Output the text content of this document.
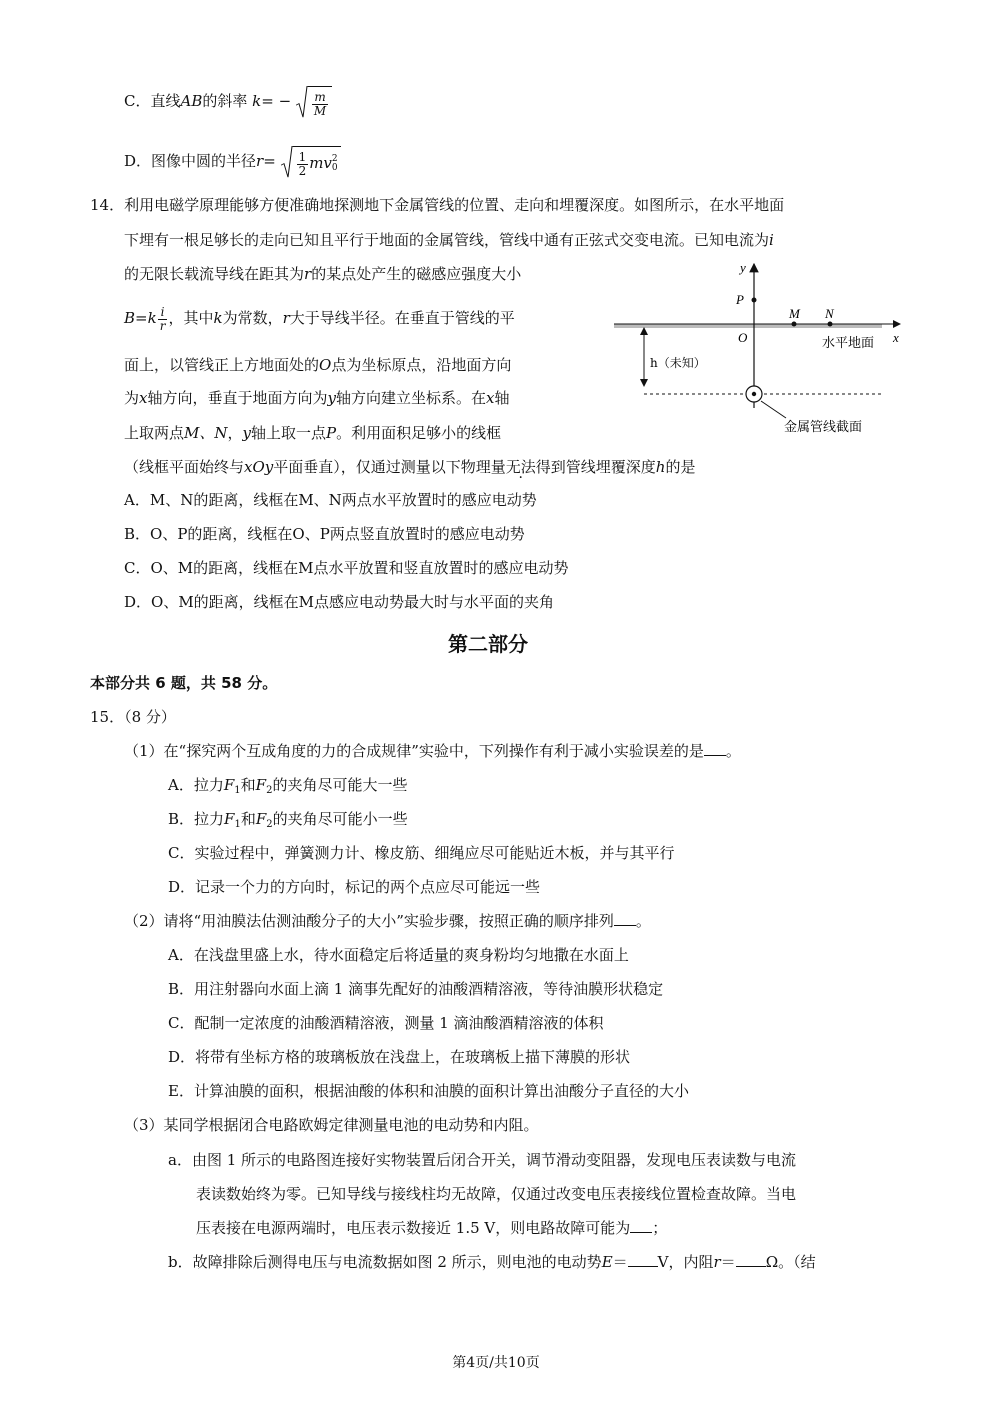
C．直线AB的斜率 $k= - \frac{m}{M}$
D．图像中圆的半径$r= \frac{1}{2}$ mv 2
0
14．利用电磁学原理能够方便准确地探测地下金属管线的位置、走向和埋覆深度。如图所示，在水平地面
下埋有一根足够长的走向已知且平行于地面的金属管线，管线中通有正弦式交变电流。已知电流为i
的无限长载流导线在距其为r的某点处产生的磁感应强度大小
$B=k \frac{i}{r}$ ，其中k为常数，r大于导线半径。在垂直于管线的平
面上，以管线正上方地面处的O点为坐标原点，沿地面方向
为x轴方向，垂直于地面方向为y轴方向建立坐标系。在x轴
上取两点M、N，y轴上取一点P。利用面积足够小的线框
（线框平面始终与xOy平面垂直），仅通过测量以下物理量无法得到管线埋覆深度h的是
A．M、N的距离，线框在M、N两点水平放置时的感应电动势
B．O、P的距离，线框在O、P两点竖直放置时的感应电动势
C．O、M的距离，线框在M点水平放置和竖直放置时的感应电动势
D．O、M的距离，线框在M点感应电动势最大时与水平面的夹角
y
x
P
M N
O	水平地面
h（未知）
金属管线截面
第二部分
本部分共 6 题，共 58 分。
15．（8 分）
（1）在“探究两个互成角度的力的合成规律”实验中，下列操作有利于减小实验误差的是 。
A．拉力$F_1$和$F_2$的夹角尽可能大一些
B．拉力$F_1$和$F_2$的夹角尽可能小一些
C．实验过程中，弹簧测力计、橡皮筋、细绳应尽可能贴近木板，并与其平行
D．记录一个力的方向时，标记的两个点应尽可能远一些
（2）请将“用油膜法估测油酸分子的大小”实验步骤，按照正确的顺序排列 。
A．在浅盘里盛上水，待水面稳定后将适量的爽身粉均匀地撒在水面上
B．用注射器向水面上滴 1 滴事先配好的油酸酒精溶液，等待油膜形状稳定
C．配制一定浓度的油酸酒精溶液，测量 1 滴油酸酒精溶液的体积
D．将带有坐标方格的玻璃板放在浅盘上，在玻璃板上描下薄膜的形状
E．计算油膜的面积，根据油酸的体积和油膜的面积计算出油酸分子直径的大小
（3）某同学根据闭合电路欧姆定律测量电池的电动势和内阻。
a．由图 1 所示的电路图连接好实物装置后闭合开关，调节滑动变阻器，发现电压表读数与电流
表读数始终为零。已知导线与接线柱均无故障，仅通过改变电压表接线位置检查故障。当电
压表接在电源两端时，电压表示数接近 1.5 V，则电路故障可能为 ；
b．故障排除后测得电压与电流数据如图 2 所示，则电池的电动势E＝ V，内阻r＝ Ω。（结
第4页/共10页
